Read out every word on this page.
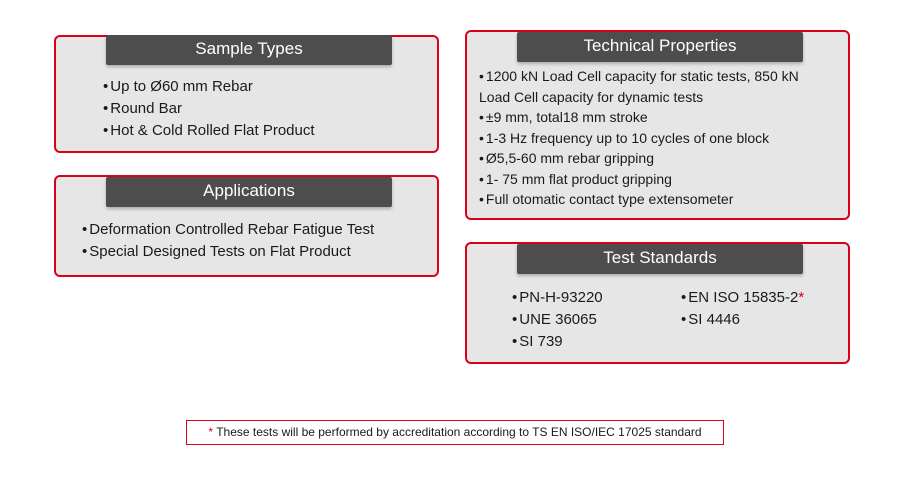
Sample Types
• Up to Ø60 mm Rebar
• Round Bar
• Hot & Cold Rolled Flat Product
Applications
• Deformation Controlled Rebar Fatigue Test
• Special Designed Tests on Flat Product
Technical Properties
• 1200 kN Load Cell capacity for static tests, 850 kN
Load Cell capacity for dynamic tests
• ±9 mm, total18 mm stroke
• 1-3 Hz frequency up to 10 cycles of one block
• Ø5,5-60 mm rebar gripping
• 1- 75 mm flat product gripping
• Full otomatic contact type extensometer
Test Standards
• PN-H-93220
• UNE 36065
• SI 739
• EN ISO 15835-2*
• SI 4446
* These tests will be performed by accreditation according to TS EN ISO/IEC 17025 standard
